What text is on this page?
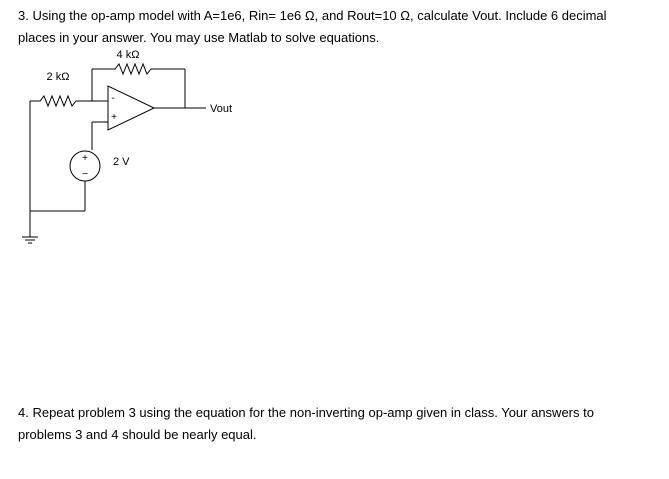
3. Using the op-amp model with A=1e6, Rin= 1e6 Ω, and Rout=10 Ω, calculate Vout. Include 6 decimal
places in your answer. You may use Matlab to solve equations.
4 kΩ
2 kΩ
Vout
2 V
-
+
+
−
4. Repeat problem 3 using the equation for the non-inverting op-amp given in class. Your answers to
problems 3 and 4 should be nearly equal.
